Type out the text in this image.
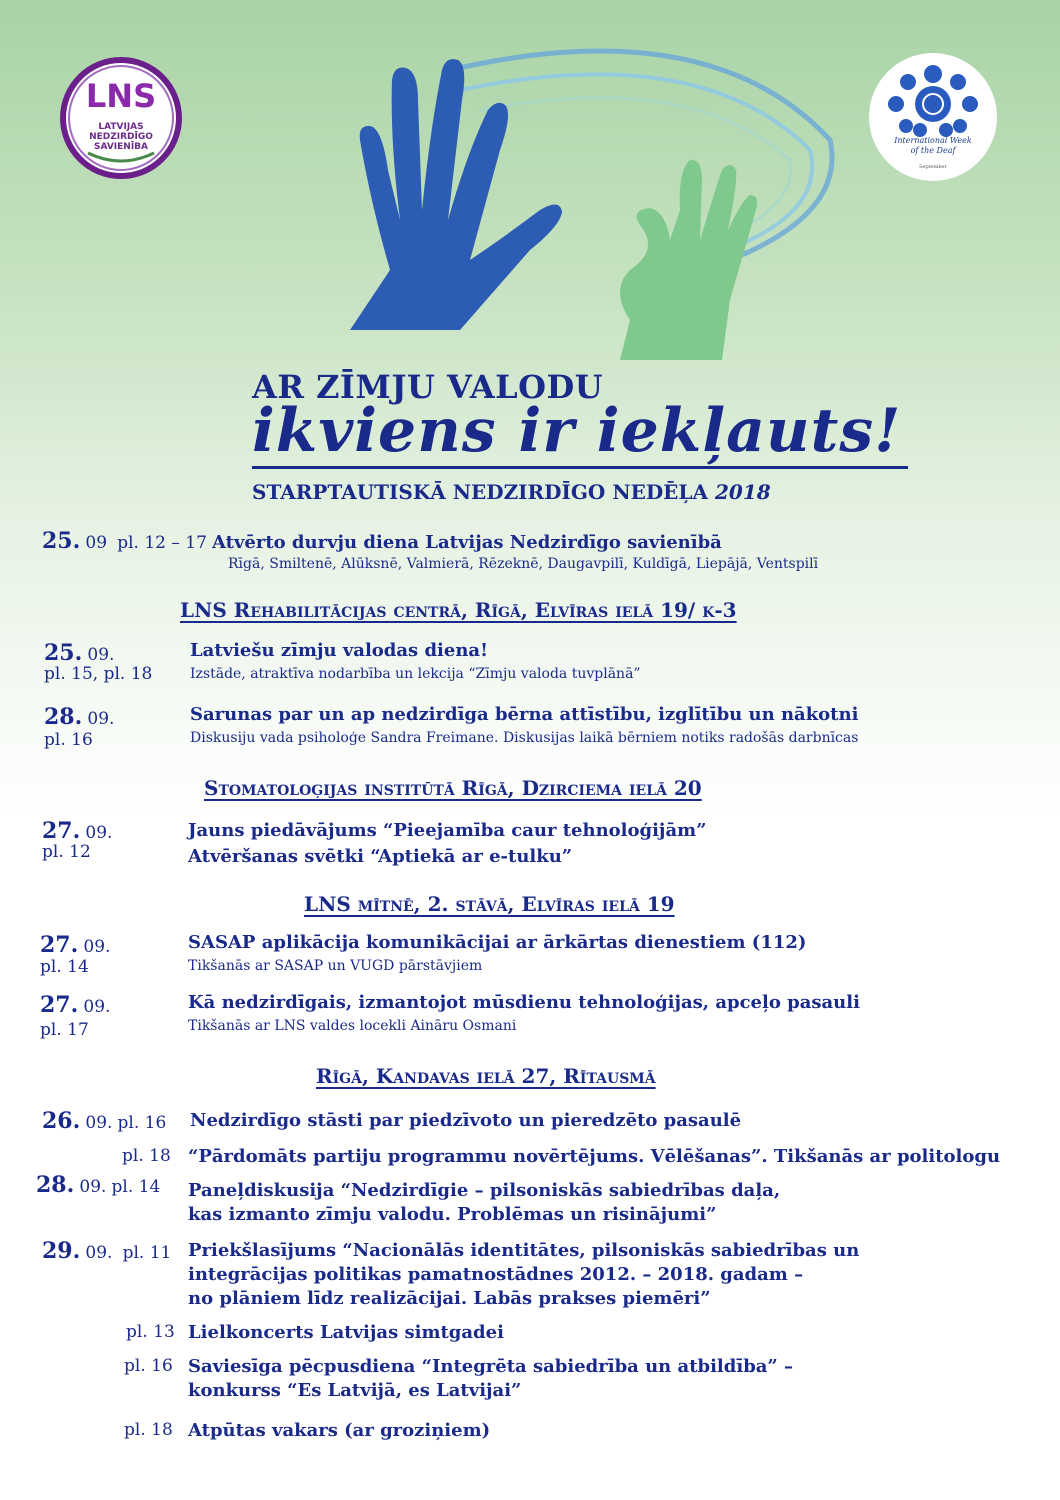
LNS
LATVIJAS
NEDZIRDĪGO
SAVIENĪBA
International Week
of the Deaf
September
AR ZĪMJU VALODU
ikviens ir iekļauts!
STARPTAUTISKĀ NEDZIRDĪGO NEDĒĻA 2018
25. 09 pl. 12 – 17 Atvērto durvju diena Latvijas Nedzirdīgo savienībā
Rīgā, Smiltenē, Alūksnē, Valmierā, Rēzeknē, Daugavpilī, Kuldīgā, Liepājā, Ventspilī
LNS Rehabilitācijas centrā, Rīgā, Elvīras ielā 19/ k-3
25. 09.
pl. 15, pl. 18
Latviešu zīmju valodas diena!
Izstāde, atraktīva nodarbība un lekcija “Zīmju valoda tuvplānā”
28. 09.
pl. 16
Sarunas par un ap nedzirdīga bērna attīstību, izglītību un nākotni
Diskusiju vada psiholoģe Sandra Freimane. Diskusijas laikā bērniem notiks radošās darbnīcas
Stomatoloģijas institūtā Rīgā, Dzirciema ielā 20
27. 09.
pl. 12
Jauns piedāvājums “Pieejamība caur tehnoloģijām”
Atvēršanas svētki “Aptiekā ar e-tulku”
LNS mītnē, 2. stāvā, Elvīras ielā 19
27. 09.
pl. 14
SASAP aplikācija komunikācijai ar ārkārtas dienestiem (112)
Tikšanās ar SASAP un VUGD pārstāvjiem
27. 09.
pl. 17
Kā nedzirdīgais, izmantojot mūsdienu tehnoloģijas, apceļo pasauli
Tikšanās ar LNS valdes locekli Aināru Osmani
Rīgā, Kandavas ielā 27, Rītausmā
26. 09. pl. 16 Nedzirdīgo stāsti par piedzīvoto un pieredzēto pasaulē
pl. 18 “Pārdomāts partiju programmu novērtējums. Vēlēšanas”. Tikšanās ar politologu
28. 09. pl. 14 Paneļdiskusija “Nedzirdīgie – pilsoniskās sabiedrības daļa,
kas izmanto zīmju valodu. Problēmas un risinājumi”
29. 09. pl. 11 Priekšlasījums “Nacionālās identitātes, pilsoniskās sabiedrības un
integrācijas politikas pamatnostādnes 2012. – 2018. gadam –
no plāniem līdz realizācijai. Labās prakses piemēri”
pl. 13 Lielkoncerts Latvijas simtgadei
pl. 16 Saviesīga pēcpusdiena “Integrēta sabiedrība un atbildība” –
konkurss “Es Latvijā, es Latvijai”
pl. 18 Atpūtas vakars (ar groziņiem)
